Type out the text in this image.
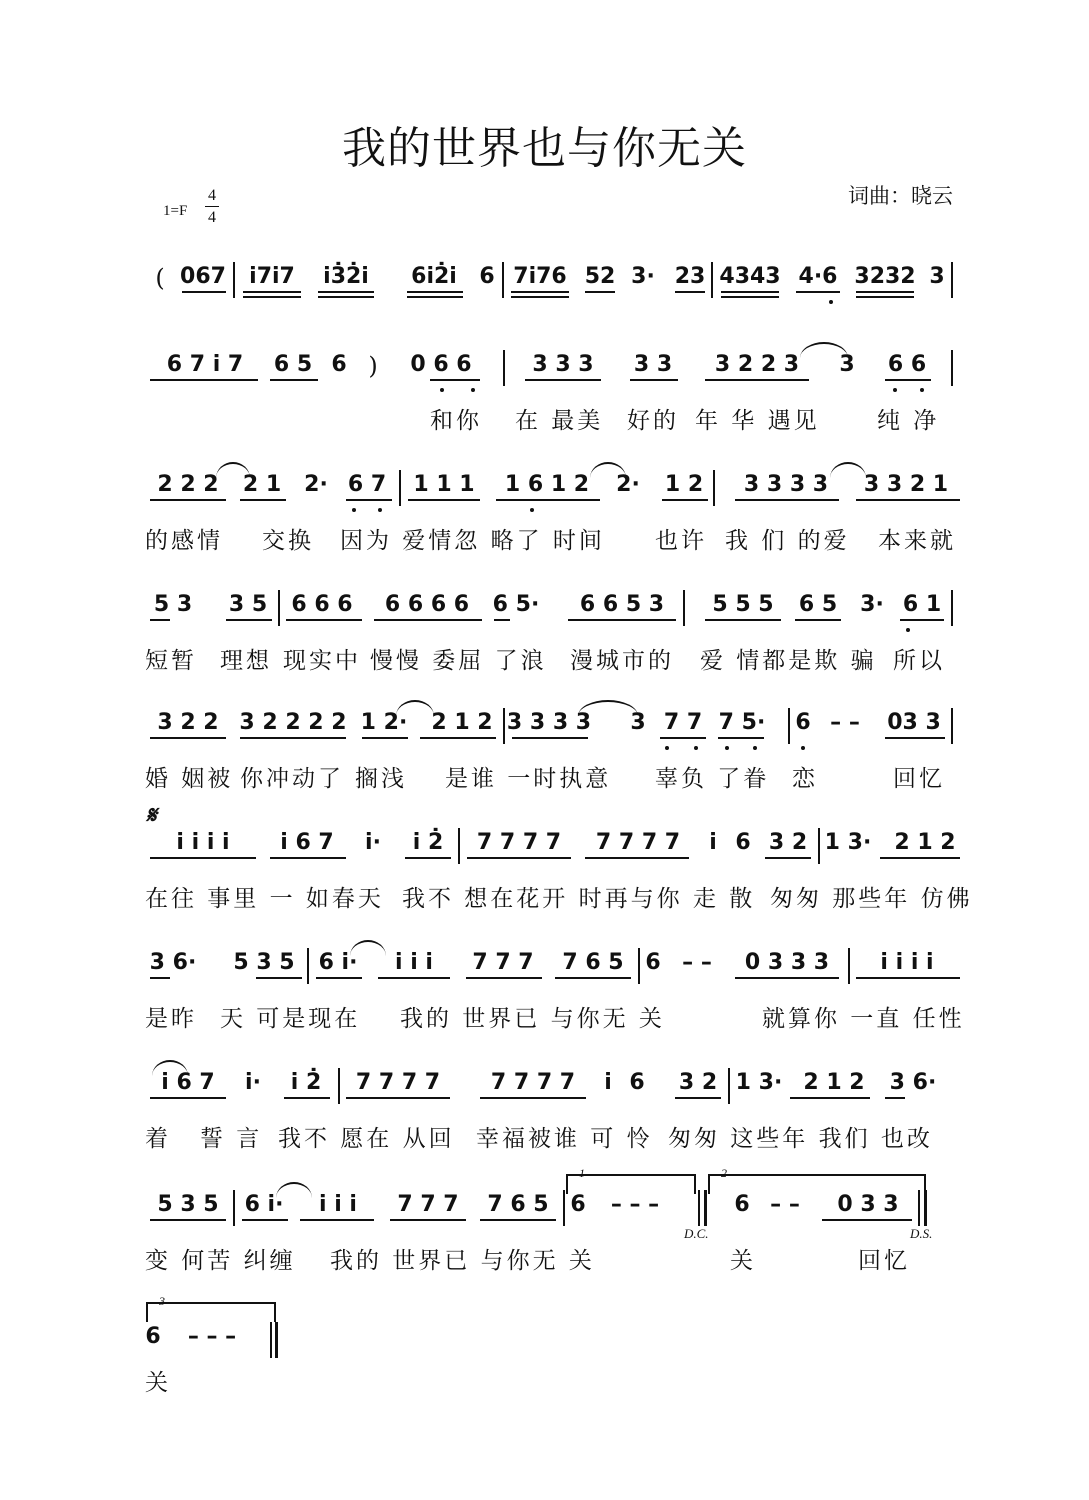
我的世界也与你无关
词曲：晓云
1=F
4
4
( 067 i7i7 i3̇2̇i 6i2̇i 6 7i76 52 3· 23 4343 4·6 3232 3
6 7 i 7 6 5 6 ) 0 6 6	3 3 3 3 3 3 2 2 3 3 6 6
和你 在 最美 好的 年 华 遇见 纯 净
2 2 2 2 1 2· 6 7 1 1 1 1 6 1 2 2· 1 2 3 3 3 3 3 3 2 1
的感情 交换 因为 爱情忽 略了 时间 也许 我 们 的爱 本来就
5 3 3 5 6 6 6 6 6 6 6 6 5· 6 6 5 3 5 5 5 6 5 3· 6 1
短暂 理想 现实中 慢慢 委屈 了浪 漫城市的 爱 情都是欺 骗 所以
3 2 2 3 2 2 2 2 1 2· 2 1 2 3 3 3 3 3 7 7 7 5· 6 – – 03 3
婚 姻被 你冲动了 搁浅 是谁 一时执意 辜负 了眷 恋	回忆
𝄋
i i i i i 6 7 i· i 2̇ 7 7 7 7 7 7 7 7 i 6 3 2 1 3· 2 1 2
在往 事里 一 如春天 我不 想在花开 时再与你 走 散 匆匆 那些年 仿佛
3 6· 5 3 5 6 i· i i i 7 7 7 7 6 5 6 – – 0 3 3 3 i i i i
是昨 天 可是现在 我的 世界已 与你无 关	就算你 一直 任性
i 6 7 i· i 2̇ 7 7 7 7 7 7 7 7 i 6 3 2 1 3· 2 1 2 3 6·
着 誓 言 我不 愿在 从回 幸福被谁 可 怜 匆匆 这些年 我们 也改
1	2
5 3 5 6 i· i i i 7 7 7 7 6 5 6 – – –	6 – – 0 3 3
D.C.	D.S.
变 何苦 纠缠 我的 世界已 与你无 关	关	回忆
3
6 – – –
关
